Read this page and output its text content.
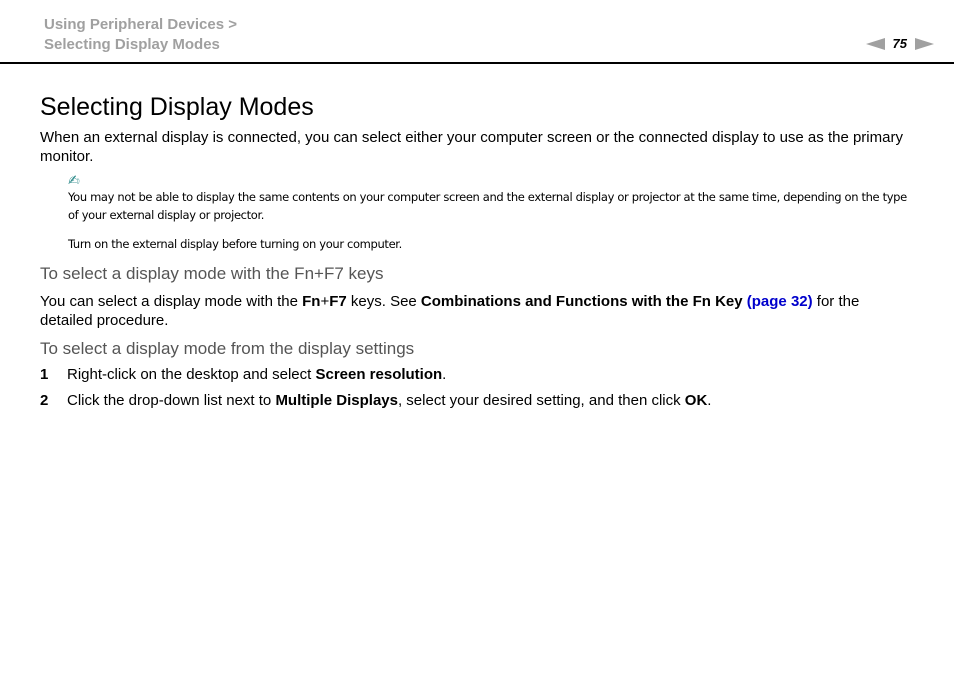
Using Peripheral Devices >
Selecting Display Modes	75
Selecting Display Modes

When an external display is connected, you can select either your computer screen or the connected display to use as the primary monitor.

✍

You may not be able to display the same contents on your computer screen and the external display or projector at the same time, depending on the type of your external display or projector.

Turn on the external display before turning on your computer.

To select a display mode with the Fn+F7 keys

You can select a display mode with the Fn+F7 keys. See Combinations and Functions with the Fn Key (page 32) for the detailed procedure.

To select a display mode from the display settings
1	Right-click on the desktop and select Screen resolution.
2	Click the drop-down list next to Multiple Displays, select your desired setting, and then click OK.
